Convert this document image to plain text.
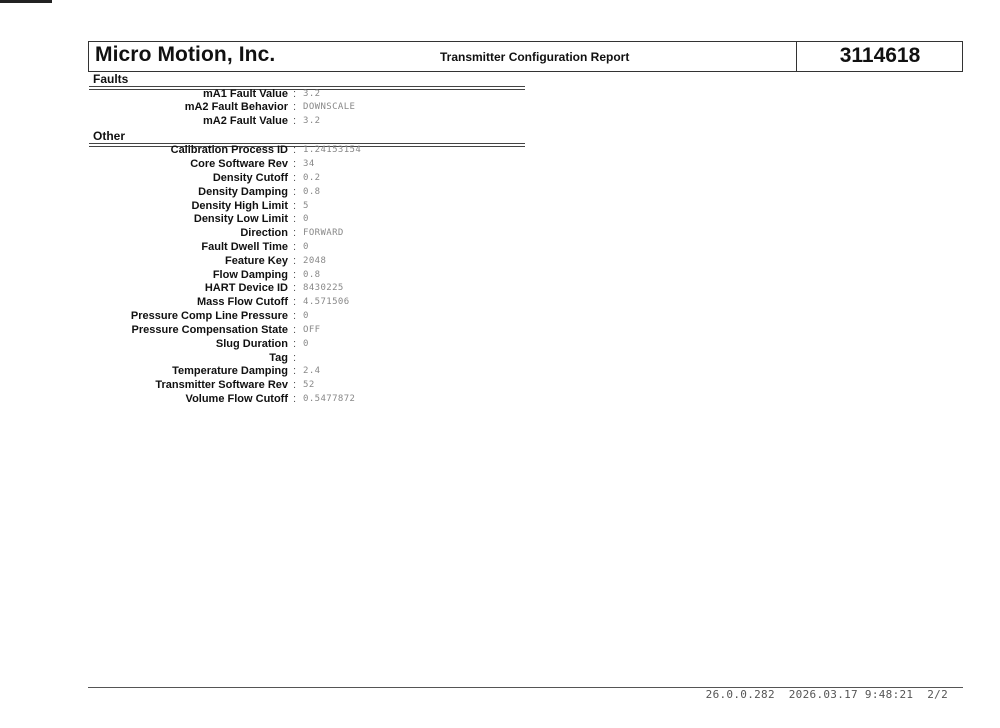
Micro Motion, Inc.	Transmitter Configuration Report	3114618
Faults
mA1 Fault Value : 3.2
mA2 Fault Behavior : DOWNSCALE
mA2 Fault Value : 3.2
Other
Calibration Process ID : 1.24153154
Core Software Rev : 34
Density Cutoff : 0.2
Density Damping : 0.8
Density High Limit : 5
Density Low Limit : 0
Direction : FORWARD
Fault Dwell Time : 0
Feature Key : 2048
Flow Damping : 0.8
HART Device ID : 8430225
Mass Flow Cutoff : 4.571506
Pressure Comp Line Pressure : 0
Pressure Compensation State : OFF
Slug Duration : 0
Tag :
Temperature Damping : 2.4
Transmitter Software Rev : 52
Volume Flow Cutoff : 0.5477872
26.0.0.282 2026.03.17 9:48:21 2/2
